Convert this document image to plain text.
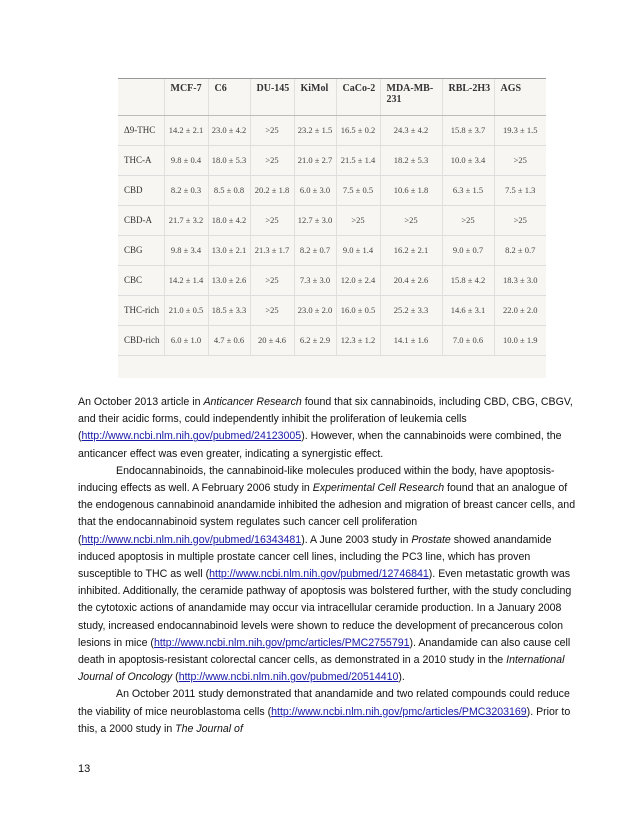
	MCF-7	C6	DU-145	KiMol	CaCo-2	MDA-MB-231	RBL-2H3	AGS
Δ9-THC	14.2 ± 2.1	23.0 ± 4.2	>25	23.2 ± 1.5	16.5 ± 0.2	24.3 ± 4.2	15.8 ± 3.7	19.3 ± 1.5
THC-A	9.8 ± 0.4	18.0 ± 5.3	>25	21.0 ± 2.7	21.5 ± 1.4	18.2 ± 5.3	10.0 ± 3.4	>25
CBD	8.2 ± 0.3	8.5 ± 0.8	20.2 ± 1.8	6.0 ± 3.0	7.5 ± 0.5	10.6 ± 1.8	6.3 ± 1.5	7.5 ± 1.3
CBD-A	21.7 ± 3.2	18.0 ± 4.2	>25	12.7 ± 3.0	>25	>25	>25	>25
CBG	9.8 ± 3.4	13.0 ± 2.1	21.3 ± 1.7	8.2 ± 0.7	9.0 ± 1.4	16.2 ± 2.1	9.0 ± 0.7	8.2 ± 0.7
CBC	14.2 ± 1.4	13.0 ± 2.6	>25	7.3 ± 3.0	12.0 ± 2.4	20.4 ± 2.6	15.8 ± 4.2	18.3 ± 3.0
THC-rich	21.0 ± 0.5	18.5 ± 3.3	>25	23.0 ± 2.0	16.0 ± 0.5	25.2 ± 3.3	14.6 ± 3.1	22.0 ± 2.0
CBD-rich	6.0 ± 1.0	4.7 ± 0.6	20 ± 4.6	6.2 ± 2.9	12.3 ± 1.2	14.1 ± 1.6	7.0 ± 0.6	10.0 ± 1.9

An October 2013 article in Anticancer Research found that six cannabinoids, including CBD, CBG, CBGV, and their acidic forms, could independently inhibit the proliferation of leukemia cells (http://www.ncbi.nlm.nih.gov/pubmed/24123005). However, when the cannabinoids were combined, the anticancer effect was even greater, indicating a synergistic effect.

Endocannabinoids, the cannabinoid-like molecules produced within the body, have apoptosis-inducing effects as well. A February 2006 study in Experimental Cell Research found that an analogue of the endogenous cannabinoid anandamide inhibited the adhesion and migration of breast cancer cells, and that the endocannabinoid system regulates such cancer cell proliferation (http://www.ncbi.nlm.nih.gov/pubmed/16343481). A June 2003 study in Prostate showed anandamide induced apoptosis in multiple prostate cancer cell lines, including the PC3 line, which has proven susceptible to THC as well (http://www.ncbi.nlm.nih.gov/pubmed/12746841). Even metastatic growth was inhibited. Additionally, the ceramide pathway of apoptosis was bolstered further, with the study concluding the cytotoxic actions of anandamide may occur via intracellular ceramide production. In a January 2008 study, increased endocannabinoid levels were shown to reduce the development of precancerous colon lesions in mice (http://www.ncbi.nlm.nih.gov/pmc/articles/PMC2755791). Anandamide can also cause cell death in apoptosis-resistant colorectal cancer cells, as demonstrated in a 2010 study in the International Journal of Oncology (http://www.ncbi.nlm.nih.gov/pubmed/20514410).

An October 2011 study demonstrated that anandamide and two related compounds could reduce the viability of mice neuroblastoma cells (http://www.ncbi.nlm.nih.gov/pmc/articles/PMC3203169). Prior to this, a 2000 study in The Journal of

13
